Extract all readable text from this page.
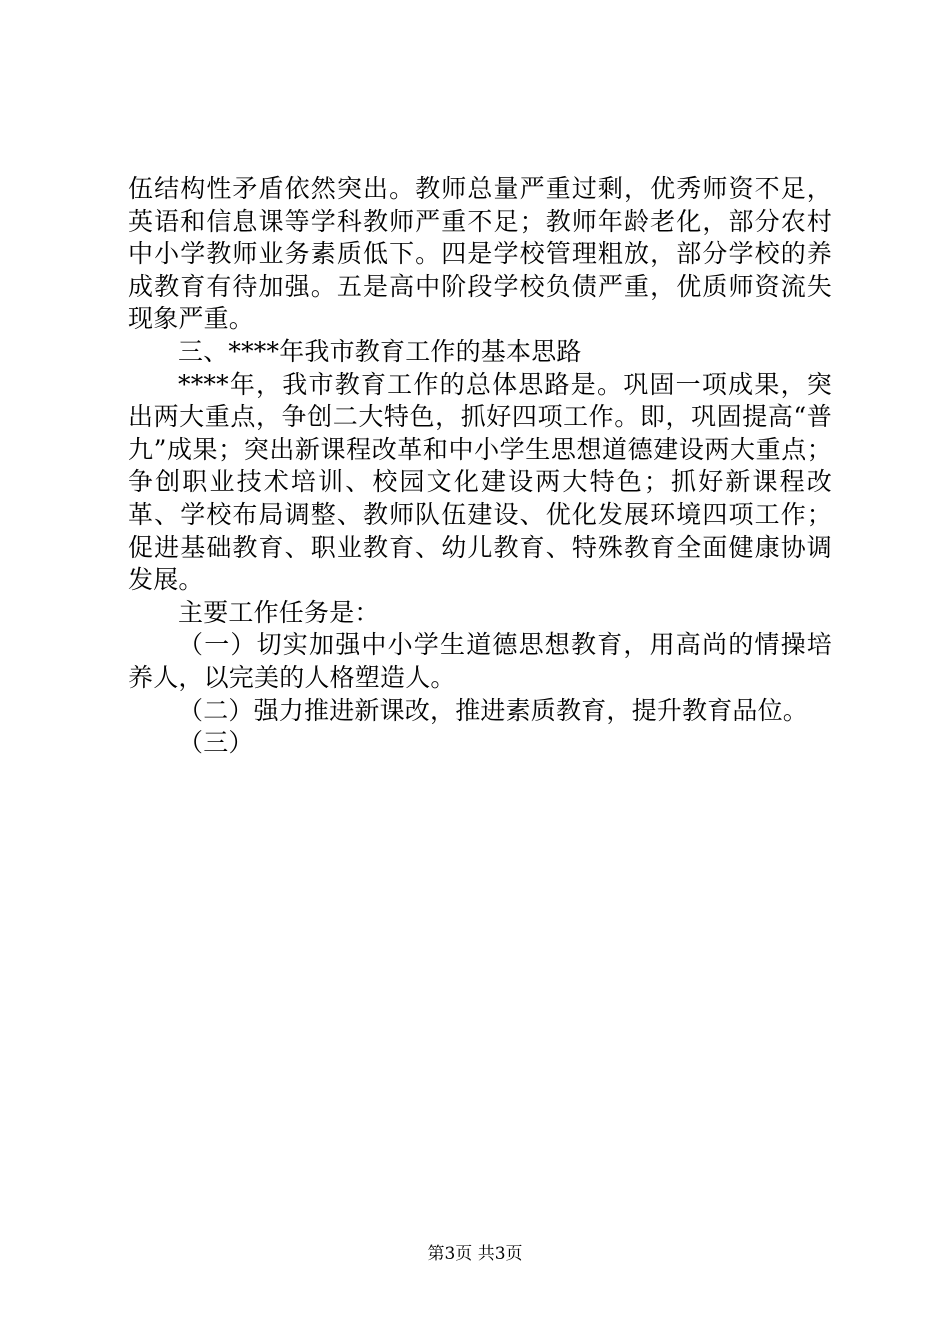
伍结构性矛盾依然突出。教师总量严重过剩，优秀师资不足，英语和信息课等学科教师严重不足；教师年龄老化，部分农村中小学教师业务素质低下。四是学校管理粗放，部分学校的养成教育有待加强。五是高中阶段学校负债严重，优质师资流失现象严重。

三、****年我市教育工作的基本思路

****年，我市教育工作的总体思路是。巩固一项成果，突出两大重点，争创二大特色，抓好四项工作。即，巩固提高“普九”成果；突出新课程改革和中小学生思想道德建设两大重点；争创职业技术培训、校园文化建设两大特色；抓好新课程改革、学校布局调整、教师队伍建设、优化发展环境四项工作；促进基础教育、职业教育、幼儿教育、特殊教育全面健康协调发展。

主要工作任务是：

（一）切实加强中小学生道德思想教育，用高尚的情操培养人，以完美的人格塑造人。

（二）强力推进新课改，推进素质教育，提升教育品位。

（三）

第3页 共3页
